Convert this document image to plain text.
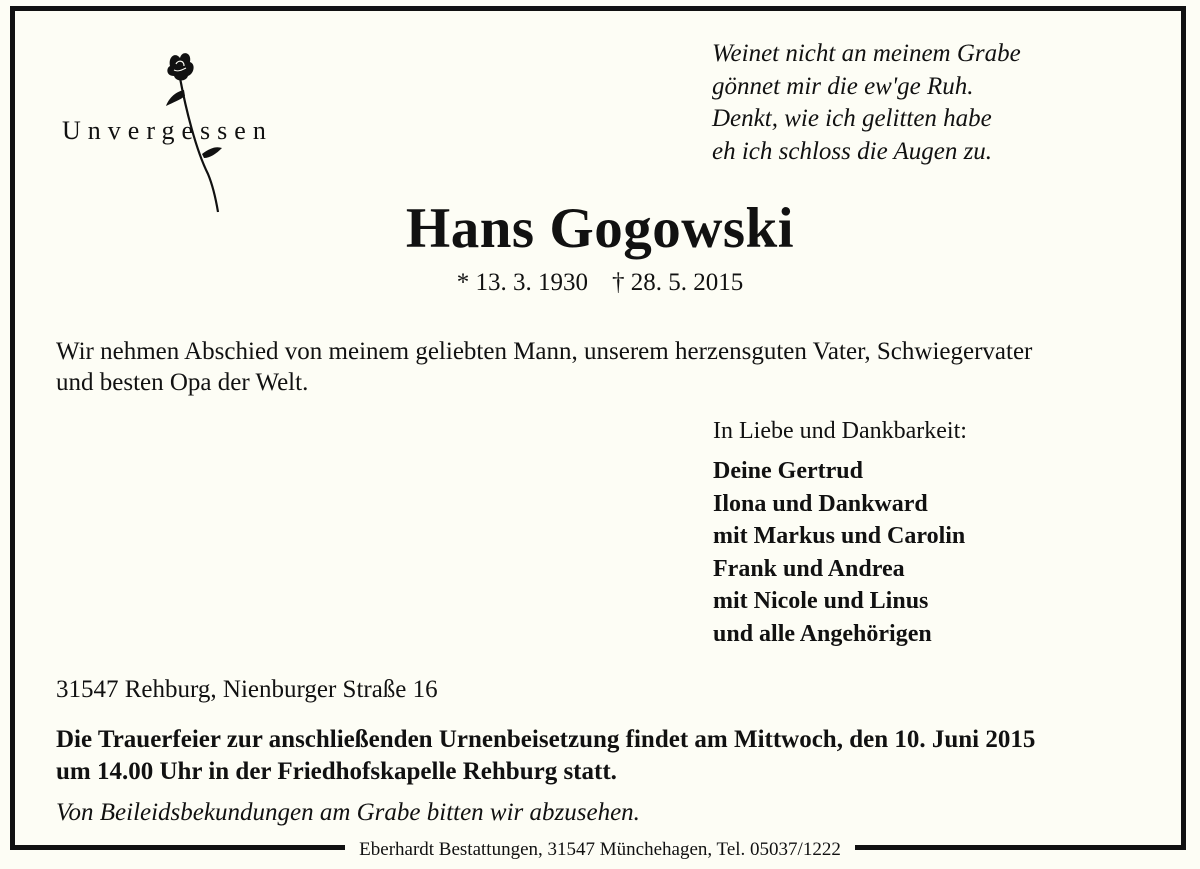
Unvergessen
Weinet nicht an meinem Grabe
gönnet mir die ew'ge Ruh.
Denkt, wie ich gelitten habe
eh ich schloss die Augen zu.
Hans Gogowski
* 13. 3. 1930 † 28. 5. 2015
Wir nehmen Abschied von meinem geliebten Mann, unserem herzensguten Vater, Schwiegervater
und besten Opa der Welt.
In Liebe und Dankbarkeit:
Deine Gertrud
Ilona und Dankward
mit Markus und Carolin
Frank und Andrea
mit Nicole und Linus
und alle Angehörigen
31547 Rehburg, Nienburger Straße 16
Die Trauerfeier zur anschließenden Urnenbeisetzung findet am Mittwoch, den 10. Juni 2015
um 14.00 Uhr in der Friedhofskapelle Rehburg statt.
Von Beileidsbekundungen am Grabe bitten wir abzusehen.
Eberhardt Bestattungen, 31547 Münchehagen, Tel. 05037/1222
